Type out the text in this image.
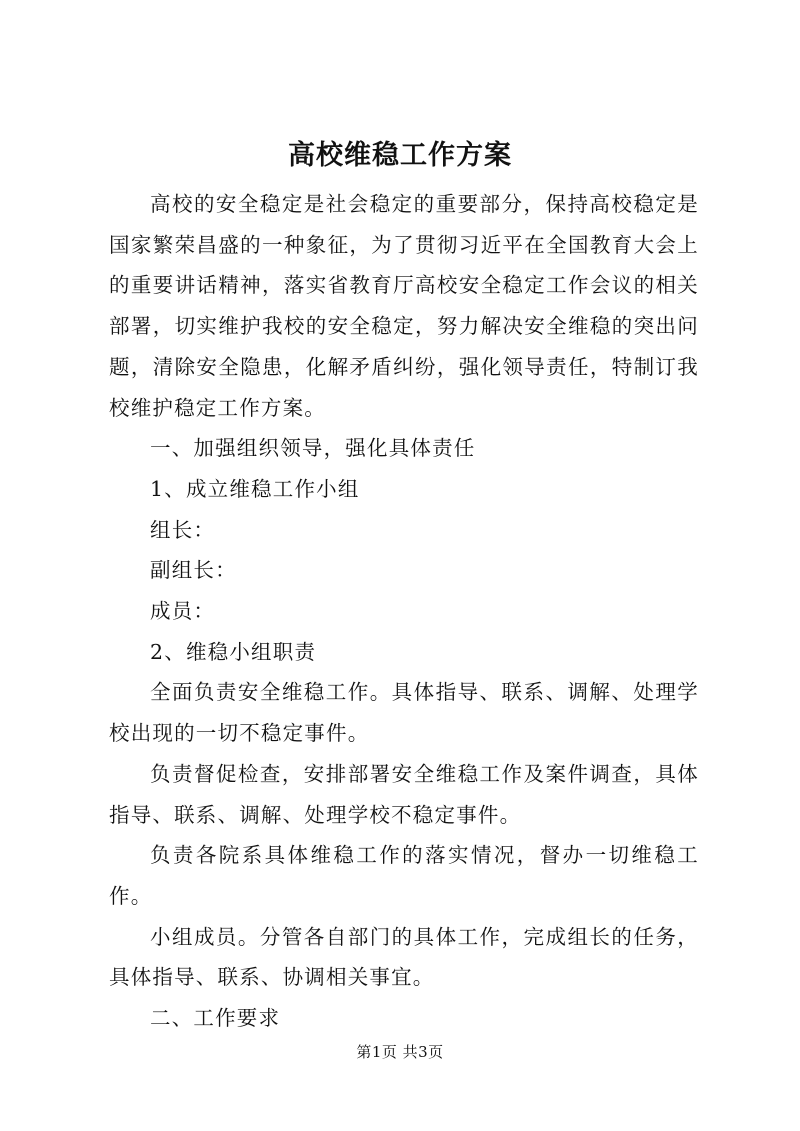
高校维稳工作方案

高校的安全稳定是社会稳定的重要部分，保持高校稳定是国家繁荣昌盛的一种象征，为了贯彻习近平在全国教育大会上的重要讲话精神，落实省教育厅高校安全稳定工作会议的相关部署，切实维护我校的安全稳定，努力解决安全维稳的突出问题，清除安全隐患，化解矛盾纠纷，强化领导责任，特制订我校维护稳定工作方案。

一、加强组织领导，强化具体责任

1、成立维稳工作小组

组长：

副组长：

成员：

2、维稳小组职责

全面负责安全维稳工作。具体指导、联系、调解、处理学校出现的一切不稳定事件。

负责督促检查，安排部署安全维稳工作及案件调查，具体指导、联系、调解、处理学校不稳定事件。

负责各院系具体维稳工作的落实情况，督办一切维稳工作。

小组成员。分管各自部门的具体工作，完成组长的任务，具体指导、联系、协调相关事宜。

二、工作要求

第1页 共3页
